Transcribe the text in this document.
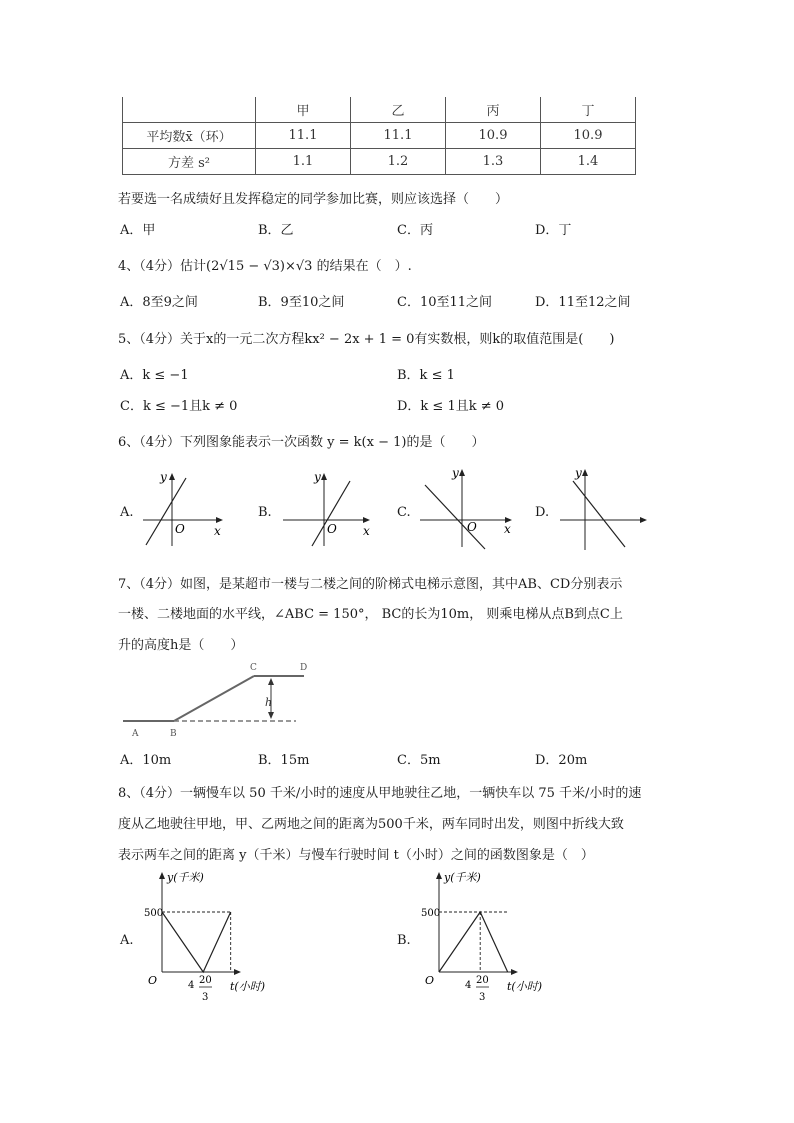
	甲	乙	丙	丁
平均数x̄（环）	11.1	11.1	10.9	10.9
方差 s²	1.1	1.2	1.3	1.4
若要选一名成绩好且发挥稳定的同学参加比赛，则应该选择（　　）
A．甲	B．乙	C．丙	D．丁
4、（4分）估计(2√15 − √3)×√3 的结果在（　）.
A．8至9之间	B．9至10之间	C．10至11之间	D．11至12之间
5、（4分）关于x的一元二次方程kx² − 2x + 1 = 0有实数根，则k的取值范围是(　　)
A．k ≤ −1	B．k ≤ 1
C．k ≤ −1且k ≠ 0	D．k ≤ 1且k ≠ 0
6、（4分）下列图象能表示一次函数 y = k(x − 1)的是（　　）
A.
y
x
O
B.
y
x
O
C.
y
x
O
D.
y
7、（4分）如图，是某超市一楼与二楼之间的阶梯式电梯示意图，其中AB、CD分别表示
一楼、二楼地面的水平线，∠ABC = 150°， BC的长为10m， 则乘电梯从点B到点C上
升的高度h是（　　）
h
A	B
C	D
A．10m	B．15m	C．5m	D．20m
8、（4分）一辆慢车以 50 千米/小时的速度从甲地驶往乙地，一辆快车以 75 千米/小时的速
度从乙地驶往甲地，甲、乙两地之间的距离为500千米，两车同时出发，则图中折线大致
表示两车之间的距离 y（千米）与慢车行驶时间 t（小时）之间的函数图象是（　）
A.
y(千米)
500
O	4 20
3
t(小时)
B.
y(千米)
500
O	4 20
3
t(小时)
